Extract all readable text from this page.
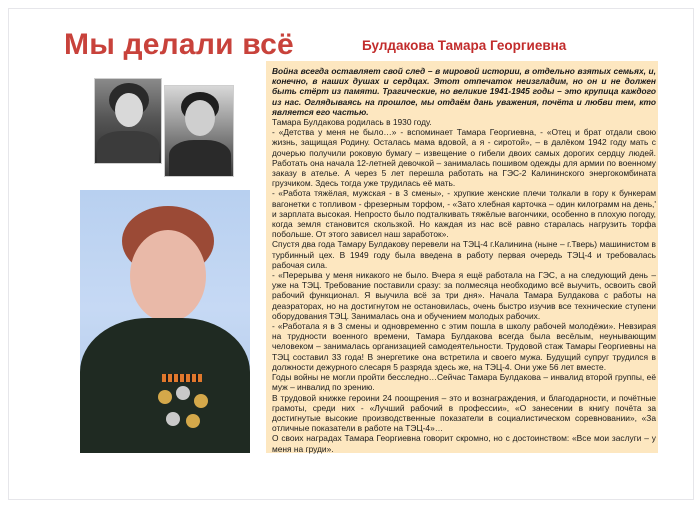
Мы делали всё	Булдакова Тамара Георгиевна

Война всегда оставляет свой след – в мировой истории, в отдельно взятых семьях, и, конечно, в наших душах и сердцах. Этот отпечаток неизгладим, но он и не должен быть стёрт из памяти. Трагические, но великие 1941-1945 годы – это крупица каждого из нас. Оглядываясь на прошлое, мы отдаём дань уважения, почёта и любви тем, кто является его частью.

Тамара Булдакова родилась в 1930 году.

- «Детства у меня не было…» - вспоминает Тамара Георгиевна, - «Отец и брат отдали свою жизнь, защищая Родину. Осталась мама вдовой, а я - сиротой», – в далёком 1942 году мать с дочерью получили роковую бумагу – извещение о гибели двоих самых дорогих сердцу людей. Работать она начала 12-летней девочкой – занималась пошивом одежды для армии по военному заказу в ателье. А через 5 лет перешла работать на ГЭС-2 Калининского энергокомбината грузчиком. Здесь тогда уже трудилась её мать.

- «Работа тяжёлая, мужская - в 3 смены», - хрупкие женские плечи толкали в гору к бункерам вагонетки с топливом - фрезерным торфом, - «Зато хлебная карточка – один килограмм на день,' и зарплата высокая. Непросто было подталкивать тяжёлые вагончики, особенно в плохую погоду, когда земля становится скользкой. Но каждая из нас всё равно старалась нагрузить торфа побольше. От этого зависел наш заработок».

Спустя два года Тамару Булдакову перевели на ТЭЦ-4 г.Калинина (ныне – г.Тверь) машинистом в турбинный цех. В 1949 году была введена в работу первая очередь ТЭЦ-4 и требовалась рабочая сила.

- «Перерыва у меня никакого не было. Вчера я ещё работала на ГЭС, а на следующий день – уже на ТЭЦ. Требование поставили сразу: за полмесяца необходимо всё выучить, освоить свой рабочий функционал. Я выучила всё за три дня». Начала Тамара Булдакова с работы на деаэраторах, но на достигнутом не остановилась, очень быстро изучив все технические ступени оборудования ТЭЦ. Занималась она и обучением молодых рабочих.

- «Работала я в 3 смены и одновременно с этим пошла в школу рабочей молодёжи». Невзирая на трудности военного времени, Тамара Булдакова всегда была весёлым, неунывающим человеком – занималась организацией самодеятельности. Трудовой стаж Тамары Георгиевны на ТЭЦ составил 33 года! В энергетике она встретила и своего мужа. Будущий супруг трудился в должности дежурного слесаря 5 разряда здесь же, на ТЭЦ-4. Они уже 56 лет вместе.

Годы войны не могли пройти бесследно…Сейчас Тамара Булдакова – инвалид второй группы, её муж – инвалид по зрению.

В трудовой книжке героини 24 поощрения – это и вознаграждения, и благодарности, и почётные грамоты, среди них - «Лучший рабочий в профессии», «О занесении в книгу почёта за достигнутые высокие производственные показатели в социалистическом соревновании», «За отличные показатели в работе на ТЭЦ-4»…

О своих наградах Тамара Георгиевна говорит скромно, но с достоинством: «Все мои заслуги – у меня на груди».
